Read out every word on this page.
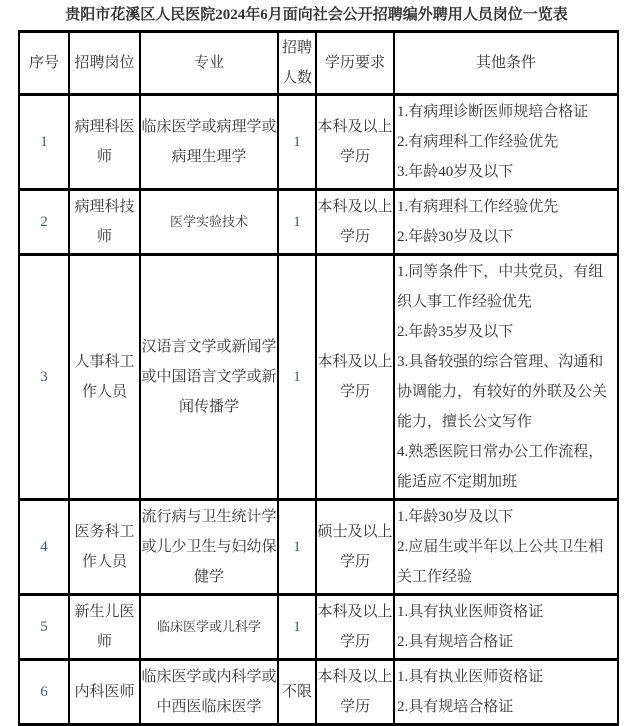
贵阳市花溪区人民医院2024年6月面向社会公开招聘编外聘用人员岗位一览表
序号	招聘岗位	专业	招聘人数	学历要求	其他条件
1	病理科医师	临床医学或病理学或病理生理学	1	本科及以上学历	1.有病理诊断医师规培合格证
2.有病理科工作经验优先
3.年龄40岁及以下

2	病理科技师	医学实验技术	1	本科及以上学历	1.有病理科工作经验优先
2.年龄30岁及以下

3	人事科工作人员	汉语言文学或新闻学或中国语言文学或新闻传播学	1	本科及以上学历	1.同等条件下，中共党员，有组织人事工作经验优先
2.年龄35岁及以下
3.具备较强的综合管理、沟通和协调能力，有较好的外联及公关能力，擅长公文写作
4.熟悉医院日常办公工作流程，能适应不定期加班

4	医务科工作人员	流行病与卫生统计学或儿少卫生与妇幼保健学	1	硕士及以上学历	1.年龄30岁及以下
2.应届生或半年以上公共卫生相关工作经验

5	新生儿医师	临床医学或儿科学	1	本科及以上学历	1.具有执业医师资格证
2.具有规培合格证

6	内科医师	临床医学或内科学或中西医临床医学	不限	本科及以上学历	1.具有执业医师资格证
2.具有规培合格证
